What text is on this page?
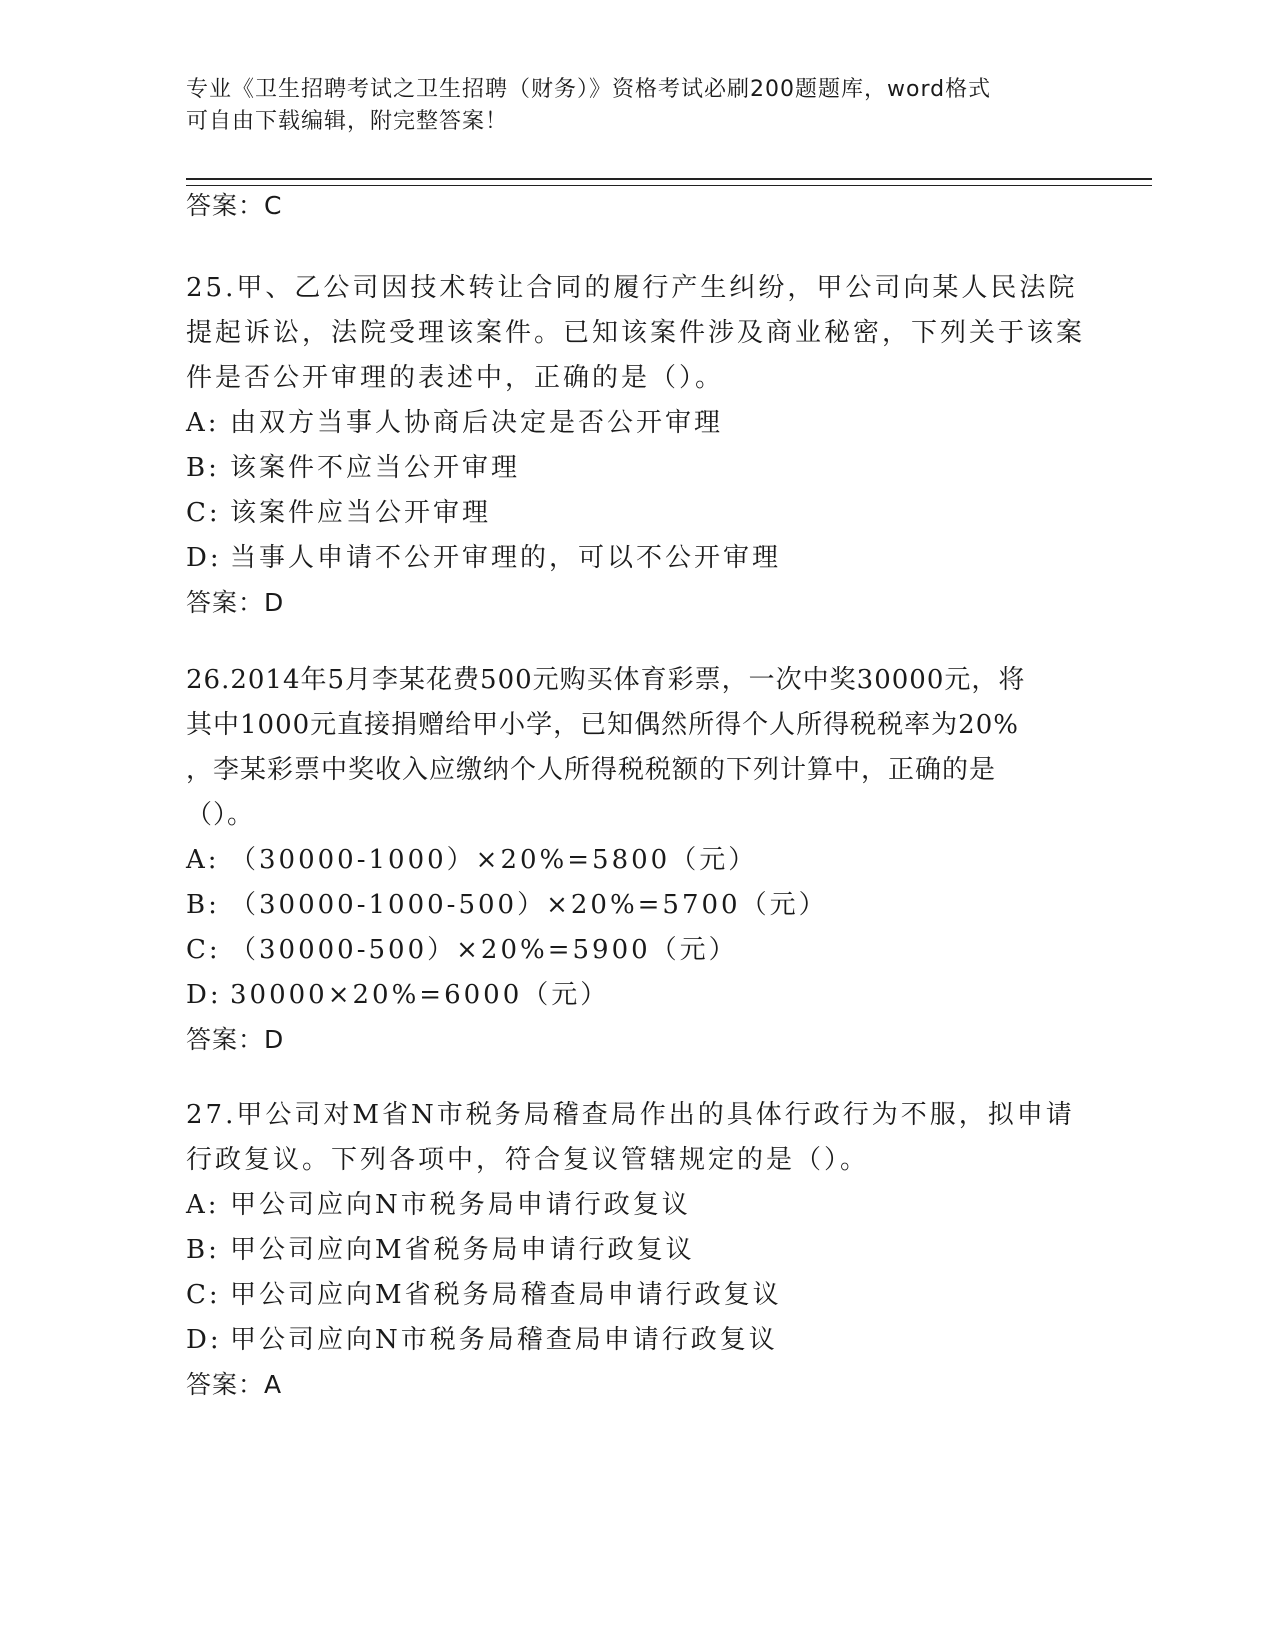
专业《卫生招聘考试之卫生招聘（财务）》资格考试必刷200题题库，word格式
可自由下载编辑，附完整答案！
答案：C

25.甲、乙公司因技术转让合同的履行产生纠纷，甲公司向某人民法院提起诉讼，法院受理该案件。已知该案件涉及商业秘密，下列关于该案件是否公开审理的表述中，正确的是（）。

A: 由双方当事人协商后决定是否公开审理
B: 该案件不应当公开审理
C: 该案件应当公开审理
D: 当事人申请不公开审理的，可以不公开审理
答案：D
26.2014年5月李某花费500元购买体育彩票，一次中奖30000元，将
其中1000元直接捐赠给甲小学，已知偶然所得个人所得税税率为20%
，李某彩票中奖收入应缴纳个人所得税税额的下列计算中，正确的是
（）。
A: （30000-1000）×20%=5800（元）
B: （30000-1000-500）×20%=5700（元）
C: （30000-500）×20%=5900（元）
D: 30000×20%=6000（元）
答案：D

27.甲公司对M省N市税务局稽查局作出的具体行政行为不服，拟申请行政复议。下列各项中，符合复议管辖规定的是（）。

A: 甲公司应向N市税务局申请行政复议
B: 甲公司应向M省税务局申请行政复议
C: 甲公司应向M省税务局稽查局申请行政复议
D: 甲公司应向N市税务局稽查局申请行政复议
答案：A
